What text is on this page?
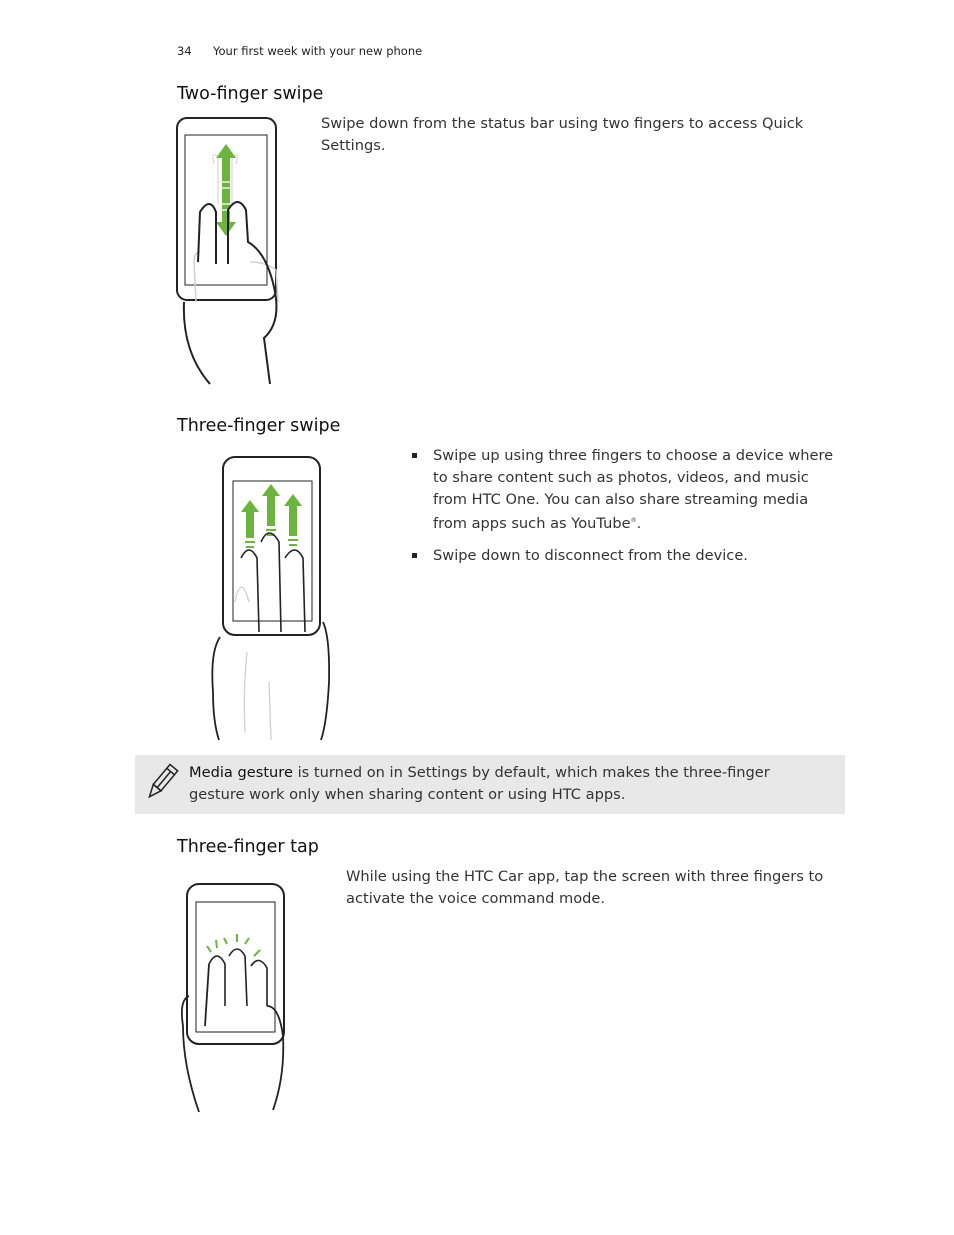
34 Your first week with your new phone
Two-finger swipe
Swipe down from the status bar using two fingers to access Quick Settings.
Three-finger swipe
Swipe up using three fingers to choose a device where to share content such as photos, videos, and music from HTC One. You can also share streaming media from apps such as YouTube®.
Swipe down to disconnect from the device.
Media gesture is turned on in Settings by default, which makes the three-finger gesture work only when sharing content or using HTC apps.
Three-finger tap
While using the HTC Car app, tap the screen with three fingers to activate the voice command mode.
